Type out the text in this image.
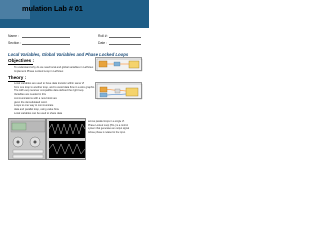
mulation Lab # 01
Name :	Roll #:
Section :	Date :
Local Variables, Global Variables and Phase Locked Loops
Objectives :
To understand why do we need local and global variables in LabView.
Implement Phase Locked Loop in LabView.
Theory :
Local variables are used to have data transfer within same VI
from one loop to another loop, and to avoid data flow in a wire graphic.
The AM Loop receiver compatible data defined the right loop.
Variables are needed in this
communications with a new block are
given the demodulated word.
Loops to one way to communicate
data and parallel loop, using value flow.
Local variables can be used to share data
across parallel loops in a single VI.
Phase Locked Loop (PLL) is a control
system that generates an output signal
whose phase is related to the input.
